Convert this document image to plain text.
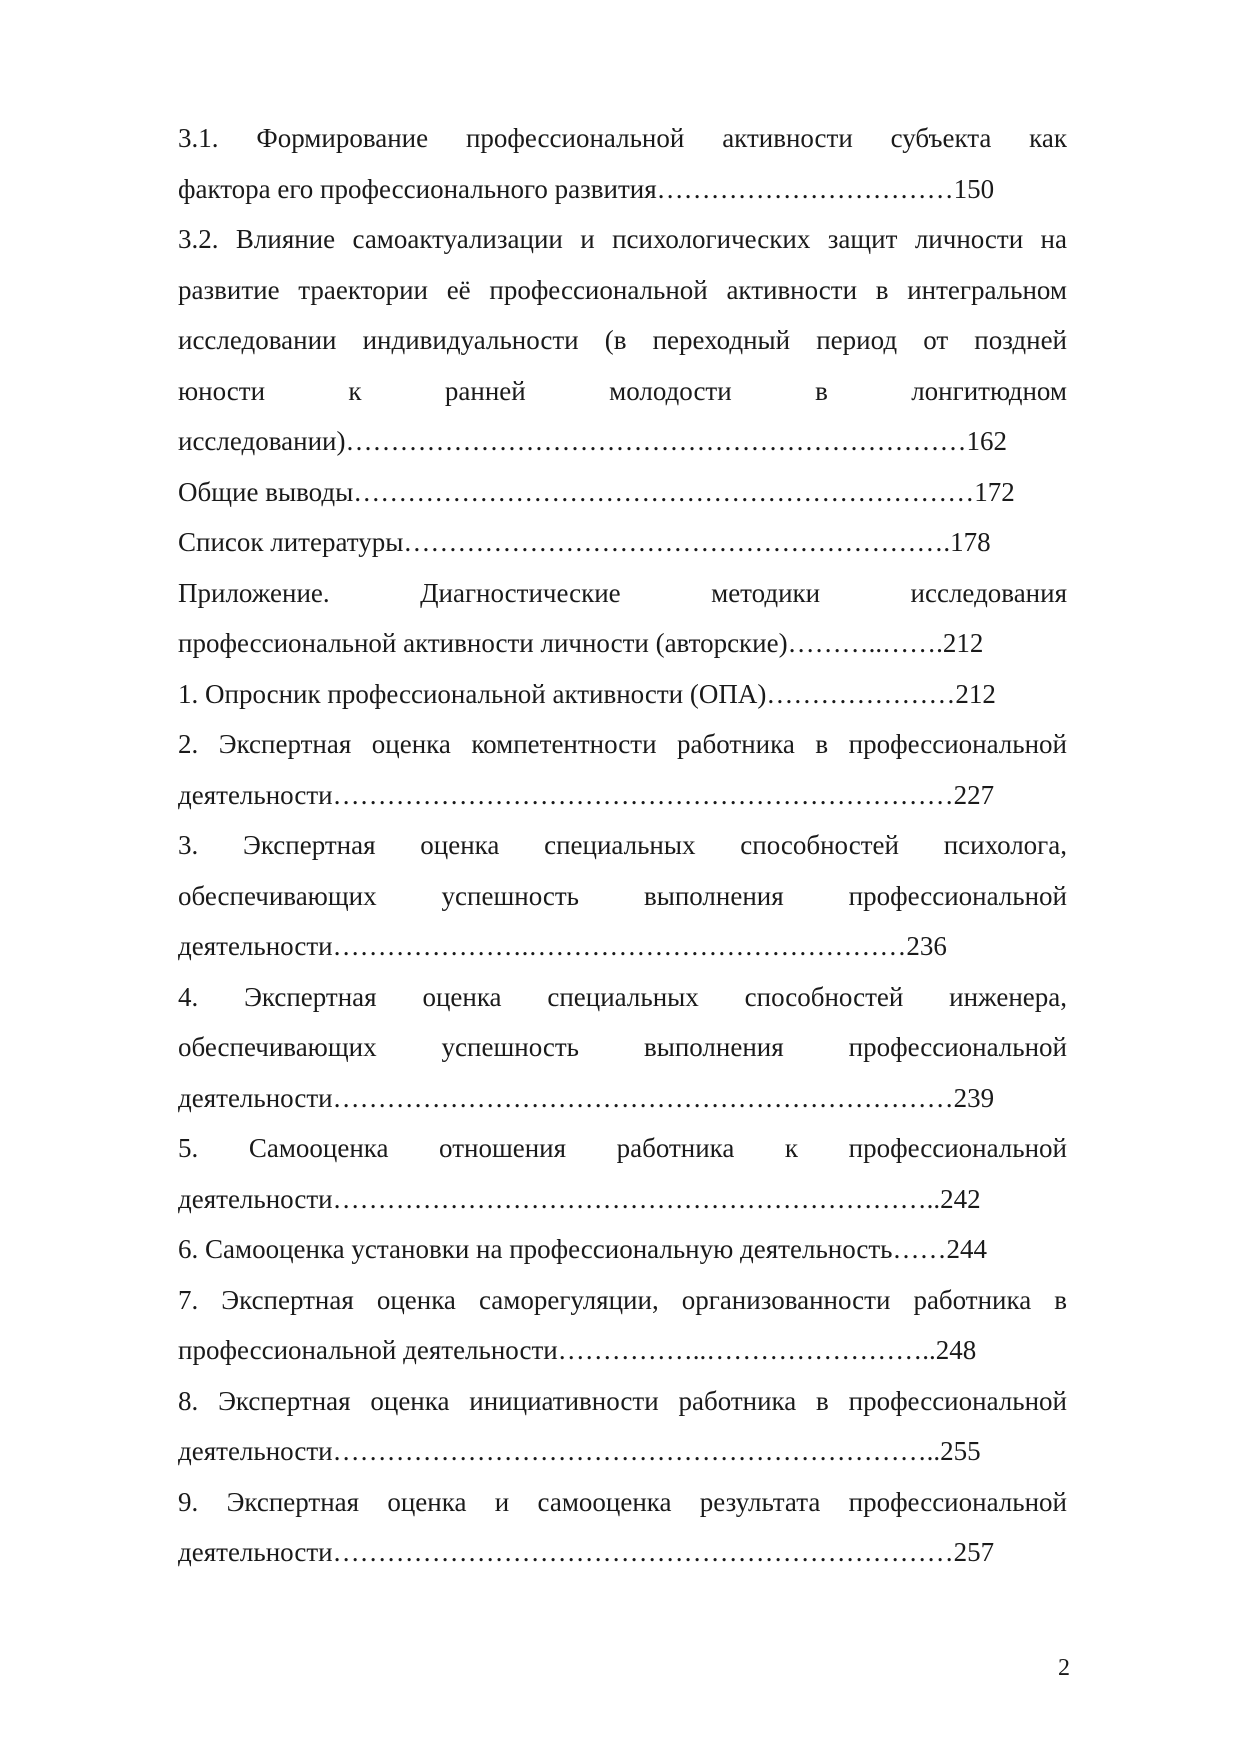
3.1. Формирование профессиональной активности субъекта как
фактора его профессионального развития……………………………150
3.2. Влияние самоактуализации и психологических защит личности на
развитие траектории её профессиональной активности в интегральном
исследовании индивидуальности (в переходный период от поздней
юности к ранней молодости в лонгитюдном
исследовании)……………………………………………………………162
Общие выводы……………………………………………………………172
Список литературы…………………………………………………….178
Приложение. Диагностические методики исследования
профессиональной активности личности (авторские)………..…….212
1. Опросник профессиональной активности (ОПА)…………………212
2. Экспертная оценка компетентности работника в профессиональной
деятельности……………………………………………………………227
3. Экспертная оценка специальных способностей психолога,
обеспечивающих успешность выполнения профессиональной
деятельности………………….……………………………………236
4. Экспертная оценка специальных способностей инженера,
обеспечивающих успешность выполнения профессиональной
деятельности……………………………………………………………239
5. Самооценка отношения работника к профессиональной
деятельности…………………………………………………………..242
6. Самооценка установки на профессиональную деятельность……244
7. Экспертная оценка саморегуляции, организованности работника в
профессиональной деятельности……………..……………………..248
8. Экспертная оценка инициативности работника в профессиональной
деятельности…………………………………………………………..255
9. Экспертная оценка и самооценка результата профессиональной
деятельности……………………………………………………………257
2
